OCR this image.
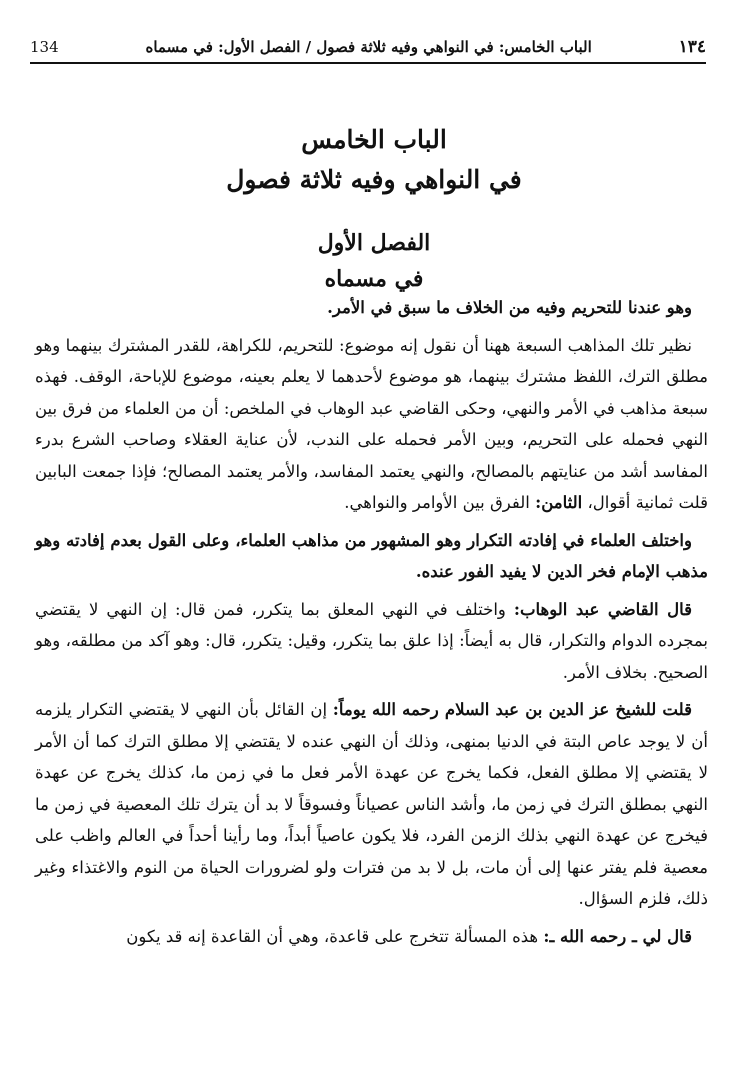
١٣٤
الباب الخامس: في النواهي وفيه ثلاثة فصول / الفصل الأول: في مسماه
134
الباب الخامس
في النواهي وفيه ثلاثة فصول
الفصل الأول
في مسماه

وهو عندنا للتحريم وفيه من الخلاف ما سبق في الأمر.

نظير تلك المذاهب السبعة ههنا أن نقول إنه موضوع: للتحريم، للكراهة، للقدر المشترك بينهما وهو مطلق الترك، اللفظ مشترك بينهما، هو موضوع لأحدهما لا يعلم بعينه، موضوع للإباحة، الوقف. فهذه سبعة مذاهب في الأمر والنهي، وحكى القاضي عبد الوهاب في الملخص: أن من العلماء من فرق بين النهي فحمله على التحريم، وبين الأمر فحمله على الندب، لأن عناية العقلاء وصاحب الشرع بدرء المفاسد أشد من عنايتهم بالمصالح، والنهي يعتمد المفاسد، والأمر يعتمد المصالح؛ فإذا جمعت البابين قلت ثمانية أقوال، الثامن: الفرق بين الأوامر والنواهي.

واختلف العلماء في إفادته التكرار وهو المشهور من مذاهب العلماء، وعلى القول بعدم إفادته وهو مذهب الإمام فخر الدين لا يفيد الفور عنده.

قال القاضي عبد الوهاب: واختلف في النهي المعلق بما يتكرر، فمن قال: إن النهي لا يقتضي بمجرده الدوام والتكرار، قال به أيضاً: إذا علق بما يتكرر، وقيل: يتكرر، قال: وهو آكد من مطلقه، وهو الصحيح. بخلاف الأمر.

قلت للشيخ عز الدين بن عبد السلام رحمه الله يوماً: إن القائل بأن النهي لا يقتضي التكرار يلزمه أن لا يوجد عاص البتة في الدنيا بمنهى، وذلك أن النهي عنده لا يقتضي إلا مطلق الترك كما أن الأمر لا يقتضي إلا مطلق الفعل، فكما يخرج عن عهدة الأمر فعل ما في زمن ما، كذلك يخرج عن عهدة النهي بمطلق الترك في زمن ما، وأشد الناس عصياناً وفسوقاً لا بد أن يترك تلك المعصية في زمن ما فيخرج عن عهدة النهي بذلك الزمن الفرد، فلا يكون عاصياً أبداً، وما رأينا أحداً في العالم واظب على معصية فلم يفتر عنها إلى أن مات، بل لا بد من فترات ولو لضرورات الحياة من النوم والاغتذاء وغير ذلك، فلزم السؤال.

قال لي ـ رحمه الله ـ: هذه المسألة تتخرج على قاعدة، وهي أن القاعدة إنه قد يكون
